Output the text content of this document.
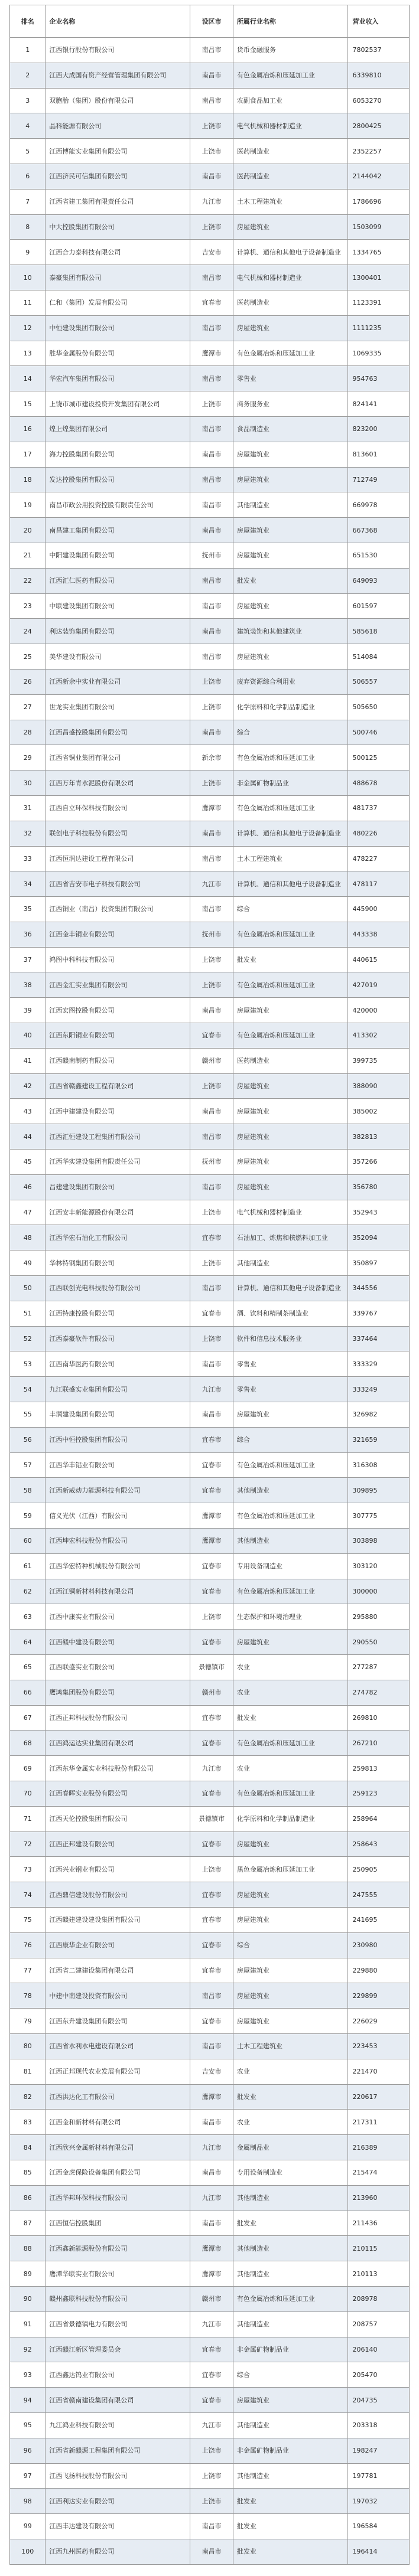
排名	企业名称	设区市	所属行业名称	营业收入
1	江西银行股份有限公司	南昌市	货币金融服务	7802537
2	江西大成国有资产经营管理集团有限公司	南昌市	有色金属冶炼和压延加工业	6339810
3	双胞胎（集团）股份有限公司	南昌市	农副食品加工业	6053270
4	晶科能源有限公司	上饶市	电气机械和器材制造业	2800425
5	江西博能实业集团有限公司	上饶市	医药制造业	2352257
6	江西济民可信集团有限公司	南昌市	医药制造业	2144042
7	江西省建工集团有限责任公司	九江市	土木工程建筑业	1786696
8	中大控股集团有限公司	上饶市	房屋建筑业	1503099
9	江西合力泰科技有限公司	吉安市	计算机、通信和其他电子设备制造业	1334765
10	泰豪集团有限公司	南昌市	电气机械和器材制造业	1300401
11	仁和（集团）发展有限公司	宜春市	医药制造业	1123391
12	中恒建设集团有限公司	南昌市	房屋建筑业	1111235
13	胜华金属股份有限公司	鹰潭市	有色金属冶炼和压延加工业	1069335
14	华宏汽车集团有限公司	南昌市	零售业	954763
15	上饶市城市建设投资开发集团有限公司	上饶市	商务服务业	824141
16	煌上煌集团有限公司	南昌市	食品制造业	823200
17	海力控股集团有限公司	南昌市	房屋建筑业	813601
18	发达控股集团有限公司	南昌市	房屋建筑业	712749
19	南昌市政公用投资控股有限责任公司	南昌市	其他制造业	669978
20	南昌建工集团有限公司	南昌市	房屋建筑业	667368
21	中阳建设集团有限公司	抚州市	房屋建筑业	651530
22	江西汇仁医药有限公司	南昌市	批发业	649093
23	中联建设集团有限公司	南昌市	房屋建筑业	601597
24	利达装饰集团有限公司	南昌市	建筑装饰和其他建筑业	585618
25	美华建设有限公司	南昌市	房屋建筑业	514084
26	江西新余中实业有限公司	上饶市	废弃资源综合利用业	506557
27	世龙实业集团有限公司	上饶市	化学原料和化学制品制造业	505650
28	江西昌盛控股集团有限公司	南昌市	综合	500746
29	江西省铜业集团有限公司	新余市	有色金属冶炼和压延加工业	500125
30	江西万年青水泥股份有限公司	上饶市	非金属矿物制品业	488678
31	江西自立环保科技有限公司	鹰潭市	有色金属冶炼和压延加工业	481737
32	联创电子科技股份有限公司	南昌市	计算机、通信和其他电子设备制造业	480226
33	江西恒润达建设工程有限公司	南昌市	土木工程建筑业	478227
34	江西省吉安市电子科技有限公司	九江市	计算机、通信和其他电子设备制造业	478117
35	江西铜业（南昌）投资集团有限公司	南昌市	综合	445900
36	江西金丰铜业有限公司	抚州市	有色金属冶炼和压延加工业	443338
37	鸿图中科科技有限公司	上饶市	批发业	440615
38	江西金汇实业集团有限公司	上饶市	有色金属冶炼和压延加工业	427019
39	江西宏图控股有限公司	南昌市	房屋建筑业	420000
40	江西东阳铜业有限公司	宜春市	有色金属冶炼和压延加工业	413302
41	江西赣南制药有限公司	赣州市	医药制造业	399735
42	江西省赣鑫建设工程有限公司	上饶市	房屋建筑业	388090
43	江西中建建设有限公司	南昌市	房屋建筑业	385002
44	江西汇恒建设工程集团有限公司	南昌市	房屋建筑业	382813
45	江西华实建设集团有限责任公司	抚州市	房屋建筑业	357266
46	昌建建设集团有限公司	南昌市	房屋建筑业	356780
47	江西安丰新能源股份有限公司	上饶市	电气机械和器材制造业	352943
48	江西华宏石油化工有限公司	宜春市	石油加工、炼焦和核燃料加工业	352094
49	华林特钢集团有限公司	上饶市	其他制造业	350897
50	江西联创光电科技股份有限公司	南昌市	计算机、通信和其他电子设备制造业	344556
51	江西特康控股有限公司	宜春市	酒、饮料和精制茶制造业	339767
52	江西泰豪软件有限公司	上饶市	软件和信息技术服务业	337464
53	江西南华医药有限公司	南昌市	零售业	333329
54	九江联盛实业集团有限公司	九江市	零售业	333249
55	丰润建设集团有限公司	南昌市	房屋建筑业	326982
56	江西中恒控股集团有限公司	宜春市	综合	321659
57	江西华丰铝业有限公司	宜春市	有色金属冶炼和压延加工业	316308
58	江西新威动力能源科技有限公司	宜春市	其他制造业	309895
59	信义光伏（江西）有限公司	鹰潭市	有色金属冶炼和压延加工业	307775
60	江西坤宏科技股份有限公司	鹰潭市	其他制造业	303898
61	江西华宏特种机械股份有限公司	宜春市	专用设备制造业	303120
62	江西江铜新材料科技有限公司	宜春市	有色金属冶炼和压延加工业	300000
63	江西中康实业有限公司	上饶市	生态保护和环境治理业	295880
64	江西赣中建设有限公司	宜春市	房屋建筑业	290550
65	江西联盛实业有限公司	景德镇市	农业	277287
66	鹰鸿集团股份有限公司	赣州市	农业	274782
67	江西正邦科技股份有限公司	宜春市	批发业	269810
68	江西鸿运达实业集团有限公司	宜春市	有色金属冶炼和压延加工业	267210
69	江西东华金属实业科技股份有限公司	九江市	农业	259813
70	江西春晖实业股份有限公司	宜春市	有色金属冶炼和压延加工业	259123
71	江西天伦控股集团有限公司	景德镇市	化学原料和化学制品制造业	258964
72	江西正邦建设有限公司	宜春市	房屋建筑业	258643
73	江西兴业钢业有限公司	上饶市	黑色金属冶炼和压延加工业	250905
74	江西鼎信建设股份有限公司	宜春市	房屋建筑业	247555
75	江西赣建建设建设集团有限公司	宜春市	房屋建筑业	241695
76	江西康华企业有限公司	宜春市	综合	230980
77	江西省二建建设集团有限公司	宜春市	房屋建筑业	229880
78	中建中南建设投资有限公司	南昌市	房屋建筑业	229899
79	江西东升建设集团有限公司	宜春市	房屋建筑业	226029
80	江西省水利水电建设有限公司	南昌市	土木工程建筑业	223453
81	江西正邦现代农业发展有限公司	吉安市	农业	221470
82	江西洪达化工有限公司	鹰潭市	批发业	220617
83	江西金和新材料有限公司	南昌市	农业	217311
84	江西欣兴金属新材料有限公司	九江市	金属制品业	216389
85	江西金虎保险设备集团有限公司	南昌市	专用设备制造业	215474
86	江西华邦环保科技有限公司	九江市	其他制造业	213960
87	江西恒信控股集团	南昌市	批发业	211436
88	江西鑫新能源股份有限公司	鹰潭市	其他制造业	210115
89	鹰潭华联实业有限公司	鹰潭市	其他制造业	210113
90	赣州鑫联科技股份有限公司	赣州市	有色金属冶炼和压延加工业	208978
91	江西省景德镇电力有限公司	九江市	其他制造业	208757
92	江西赣江新区管理委员会	宜春市	非金属矿物制品业	206140
93	江西鑫达钨业有限公司	宜春市	综合	205470
94	江西省赣南建设集团有限公司	宜春市	房屋建筑业	204735
95	九江鸿业科技有限公司	九江市	其他制造业	203318
96	江西省新赣源工程集团有限公司	上饶市	非金属矿物制品业	198247
97	江西飞扬科技股份有限公司	上饶市	其他制造业	197781
98	江西利达实业有限公司	上饶市	批发业	197032
99	江西丰达建设有限公司	南昌市	批发业	196584
100	江西九州医药有限公司	南昌市	批发业	196414
